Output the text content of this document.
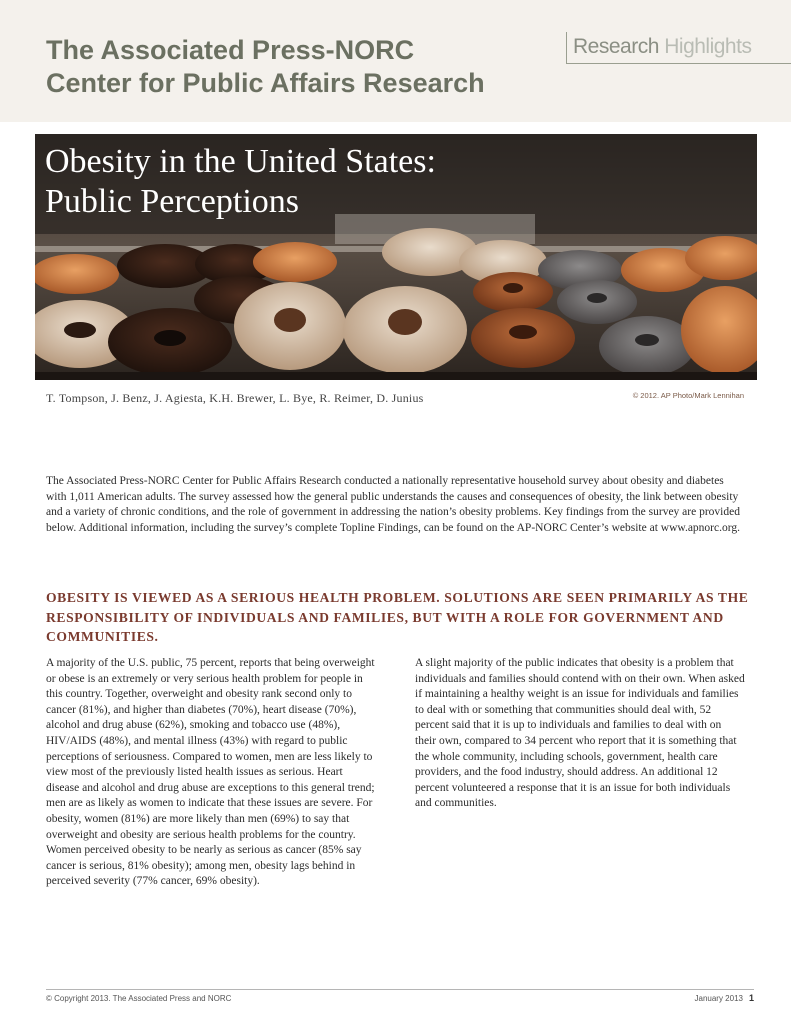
The Associated Press-NORC
Center for Public Affairs Research
Research Highlights
Obesity in the United States:
Public Perceptions
T. Tompson, J. Benz, J. Agiesta, K.H. Brewer, L. Bye, R. Reimer, D. Junius	© 2012. AP Photo/Mark Lennihan

The Associated Press-NORC Center for Public Affairs Research conducted a nationally representative household survey about obesity and diabetes with 1,011 American adults. The survey assessed how the general public understands the causes and consequences of obesity, the link between obesity and a variety of chronic conditions, and the role of government in addressing the nation’s obesity problems. Key findings from the survey are provided below. Additional information, including the survey’s complete Topline Findings, can be found on the AP-NORC Center’s website at www.apnorc.org.

OBESITY IS VIEWED AS A SERIOUS HEALTH PROBLEM. SOLUTIONS ARE SEEN PRIMARILY AS THE RESPONSIBILITY OF INDIVIDUALS AND FAMILIES, BUT WITH A ROLE FOR GOVERNMENT AND COMMUNITIES.

A majority of the U.S. public, 75 percent, reports that being overweight or obese is an extremely or very serious health problem for people in this country. Together, overweight and obesity rank second only to cancer (81%), and higher than diabetes (70%), heart disease (70%), alcohol and drug abuse (62%), smoking and tobacco use (48%), HIV/AIDS (48%), and mental illness (43%) with regard to public perceptions of seriousness. Compared to women, men are less likely to view most of the previously listed health issues as serious. Heart disease and alcohol and drug abuse are exceptions to this general trend; men are as likely as women to indicate that these issues are severe. For obesity, women (81%) are more likely than men (69%) to say that overweight and obesity are serious health problems for the country. Women perceived obesity to be nearly as serious as cancer (85% say cancer is serious, 81% obesity); among men, obesity lags behind in perceived severity (77% cancer, 69% obesity).

A slight majority of the public indicates that obesity is a problem that individuals and families should contend with on their own. When asked if maintaining a healthy weight is an issue for individuals and families to deal with or something that communities should deal with, 52 percent said that it is up to individuals and families to deal with on their own, compared to 34 percent who report that it is something that the whole community, including schools, government, health care providers, and the food industry, should address. An additional 12 percent volunteered a response that it is an issue for both individuals and communities.

© Copyright 2013. The Associated Press and NORC	January 2013 1
